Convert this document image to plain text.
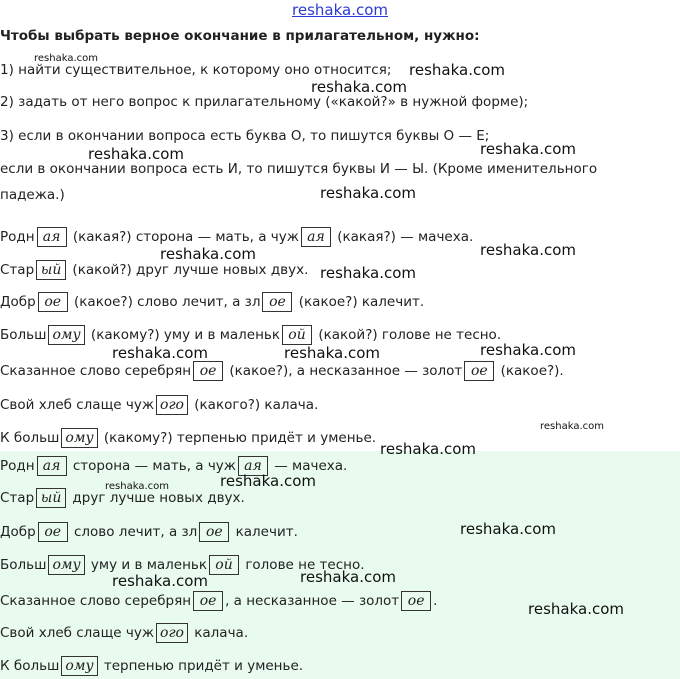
reshaka.com
Чтобы выбрать верное окончание в прилагательном, нужно:
1) найти существительное, к которому оно относится;
2) задать от него вопрос к прилагательному («какой?» в нужной форме);
3) если в окончании вопроса есть буква О, то пишутся буквы О — Е;
если в окончании вопроса есть И, то пишутся буквы И — Ы. (Кроме именительного
падежа.)
Родн ая (какая?) сторона — мать, а чуж ая (какая?) — мачеха.
Стар ый (какой?) друг лучше новых двух.
Добр ое (какое?) слово лечит, а зл ое (какое?) калечит.
Больш ому (какому?) уму и в маленьк ой (какой?) голове не тесно.
Сказанное слово серебрян ое (какое?), а несказанное — золот ое (какое?).
Свой хлеб слаще чуж ого (какого?) калача.
К больш ому (какому?) терпенью придёт и уменье.
Родн ая сторона — мать, а чуж ая — мачеха.
Стар ый друг лучше новых двух.
Добр ое слово лечит, а зл ое калечит.
Больш ому уму и в маленьк ой голове не тесно.
Сказанное слово серебрян ое , а несказанное — золот ое .
Свой хлеб слаще чуж ого калача.
К больш ому терпенью придёт и уменье.
reshaka.com
reshaka.com
reshaka.com
reshaka.com	reshaka.com
reshaka.com
reshaka.com
reshaka.com
reshaka.com
reshaka.com	reshaka.com	reshaka.com
reshaka.com
reshaka.com
reshaka.com
reshaka.com
reshaka.com
reshaka.com
reshaka.com
reshaka.com
